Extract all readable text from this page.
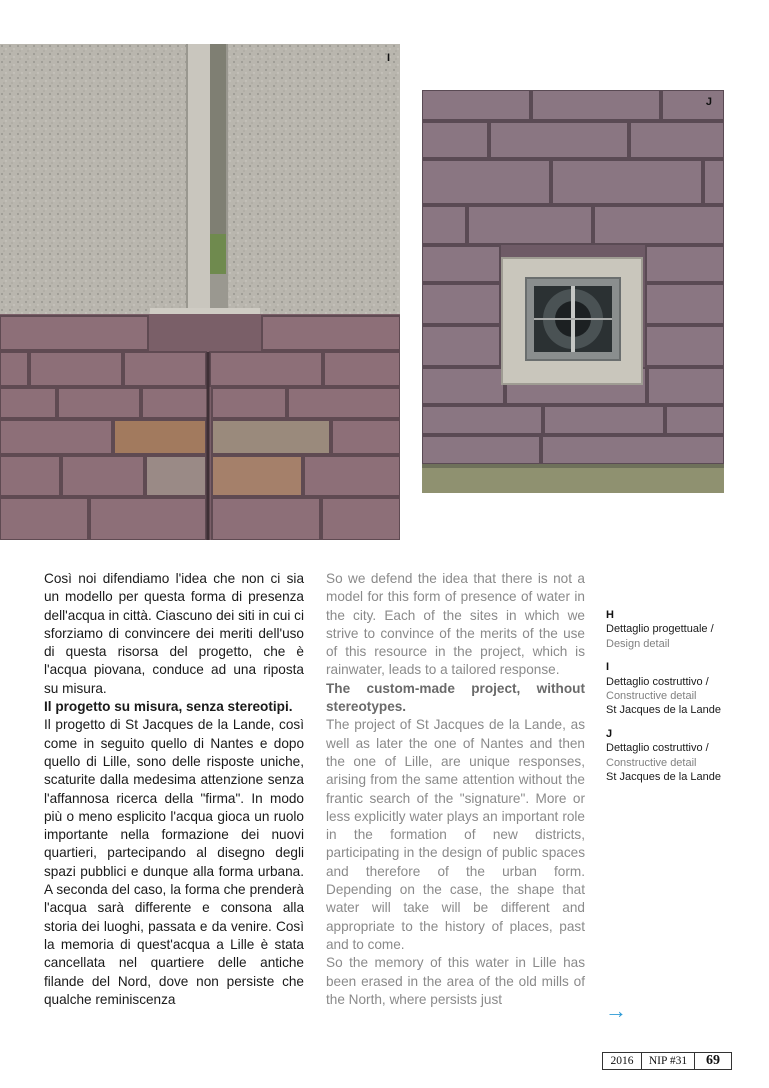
I
J

Così noi difendiamo l'idea che non ci sia un modello per questa forma di presenza dell'acqua in città. Ciascuno dei siti in cui ci sforziamo di convincere dei meriti dell'uso di questa risorsa del progetto, che è l'acqua piovana, conduce ad una riposta su misura.

Il progetto su misura, senza stereotipi.

Il progetto di St Jacques de la Lande, così come in seguito quello di Nantes e dopo quello di Lille, sono delle risposte uniche, scaturite dalla medesima attenzione senza l'affannosa ricerca della "firma". In modo più o meno esplicito l'acqua gioca un ruolo importante nella formazione dei nuovi quartieri, partecipando al disegno degli spazi pubblici e dunque alla forma urbana. A seconda del caso, la forma che prenderà l'acqua sarà differente e consona alla storia dei luoghi, passata e da venire. Così la memoria di quest'acqua a Lille è stata cancellata nel quartiere delle antiche filande del Nord, dove non persiste che qualche reminiscenza

So we defend the idea that there is not a model for this form of presence of water in the city. Each of the sites in which we strive to convince of the merits of the use of this resource in the project, which is rainwater, leads to a tailored response.

The custom-made project, without stereotypes.

The project of St Jacques de la Lande, as well as later the one of Nantes and then the one of Lille, are unique responses, arising from the same attention without the frantic search of the "signature". More or less explicitly water plays an important role in the formation of new districts, participating in the design of public spaces and therefore of the urban form. Depending on the case, the shape that water will take will be different and appropriate to the history of places, past and to come.

So the memory of this water in Lille has been erased in the area of the old mills of the North, where persists just

H
Dettaglio progettuale /
Design detail
I
Dettaglio costruttivo /
Constructive detail
St Jacques de la Lande
J
Dettaglio costruttivo /
Constructive detail
St Jacques de la Lande
→
2016	NIP #31	69
